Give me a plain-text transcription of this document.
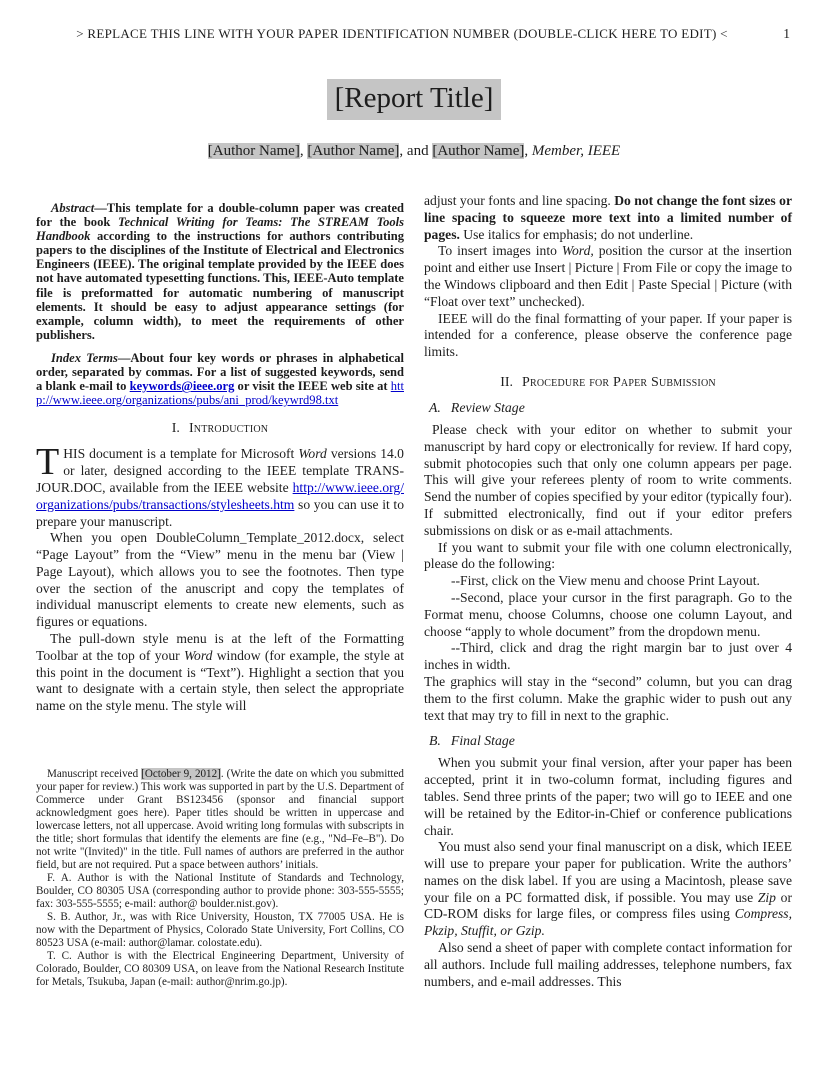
> REPLACE THIS LINE WITH YOUR PAPER IDENTIFICATION NUMBER (DOUBLE-CLICK HERE TO EDIT) <	1
[Report Title]
[Author Name], [Author Name], and [Author Name], Member, IEEE

Abstract—This template for a double-column paper was created for the book Technical Writing for Teams: The STREAM Tools Handbook according to the instructions for authors contributing papers to the disciplines of the Institute of Electrical and Electronics Engineers (IEEE). The original template provided by the IEEE does not have automated typesetting functions. This, IEEE-Auto template file is preformatted for automatic numbering of manuscript elements. It should be easy to adjust appearance settings (for example, column width), to meet the requirements of other publishers.

Index Terms—About four key words or phrases in alphabetical order, separated by commas. For a list of suggested keywords, send a blank e-mail to keywords@ieee.org or visit the IEEE web site at http://www.ieee.org/organizations/pubs/ani_prod/keywrd98.txt

I. Introduction

THIS document is a template for Microsoft Word versions 14.0 or later, designed according to the IEEE template TRANS-JOUR.DOC, available from the IEEE website http://www.ieee.org/organizations/pubs/transactions/stylesheets.htm so you can use it to prepare your manuscript.

When you open DoubleColumn_Template_2012.docx, select “Page Layout” from the “View” menu in the menu bar (View | Page Layout), which allows you to see the footnotes. Then type over the section of the anuscript and copy the templates of individual manuscript elements to create new elements, such as figures or equations.

The pull-down style menu is at the left of the Formatting Toolbar at the top of your Word window (for example, the style at this point in the document is “Text”). Highlight a section that you want to designate with a certain style, then select the appropriate name on the style menu. The style will

Manuscript received [October 9, 2012]. (Write the date on which you submitted your paper for review.) This work was supported in part by the U.S. Department of Commerce under Grant BS123456 (sponsor and financial support acknowledgment goes here). Paper titles should be written in uppercase and lowercase letters, not all uppercase. Avoid writing long formulas with subscripts in the title; short formulas that identify the elements are fine (e.g., "Nd–Fe–B"). Do not write "(Invited)" in the title. Full names of authors are preferred in the author field, but are not required. Put a space between authors’ initials.

F. A. Author is with the National Institute of Standards and Technology, Boulder, CO 80305 USA (corresponding author to provide phone: 303-555-5555; fax: 303-555-5555; e-mail: author@ boulder.nist.gov).

S. B. Author, Jr., was with Rice University, Houston, TX 77005 USA. He is now with the Department of Physics, Colorado State University, Fort Collins, CO 80523 USA (e-mail: author@lamar. colostate.edu).

T. C. Author is with the Electrical Engineering Department, University of Colorado, Boulder, CO 80309 USA, on leave from the National Research Institute for Metals, Tsukuba, Japan (e-mail: author@nrim.go.jp).

adjust your fonts and line spacing. Do not change the font sizes or line spacing to squeeze more text into a limited number of pages. Use italics for emphasis; do not underline.

To insert images into Word, position the cursor at the insertion point and either use Insert | Picture | From File or copy the image to the Windows clipboard and then Edit | Paste Special | Picture (with “Float over text” unchecked).

IEEE will do the final formatting of your paper. If your paper is intended for a conference, please observe the conference page limits.

II. Procedure for Paper Submission
A. Review Stage

Please check with your editor on whether to submit your manuscript by hard copy or electronically for review. If hard copy, submit photocopies such that only one column appears per page. This will give your referees plenty of room to write comments. Send the number of copies specified by your editor (typically four). If submitted electronically, find out if your editor prefers submissions on disk or as e-mail attachments.

If you want to submit your file with one column electronically, please do the following:

--First, click on the View menu and choose Print Layout.

--Second, place your cursor in the first paragraph. Go to the Format menu, choose Columns, choose one column Layout, and choose “apply to whole document” from the dropdown menu.

--Third, click and drag the right margin bar to just over 4 inches in width.

The graphics will stay in the “second” column, but you can drag them to the first column. Make the graphic wider to push out any text that may try to fill in next to the graphic.

B. Final Stage

When you submit your final version, after your paper has been accepted, print it in two-column format, including figures and tables. Send three prints of the paper; two will go to IEEE and one will be retained by the Editor-in-Chief or conference publications chair.

You must also send your final manuscript on a disk, which IEEE will use to prepare your paper for publication. Write the authors’ names on the disk label. If you are using a Macintosh, please save your file on a PC formatted disk, if possible. You may use Zip or CD-ROM disks for large files, or compress files using Compress, Pkzip, Stuffit, or Gzip.

Also send a sheet of paper with complete contact information for all authors. Include full mailing addresses, telephone numbers, fax numbers, and e-mail addresses. This
